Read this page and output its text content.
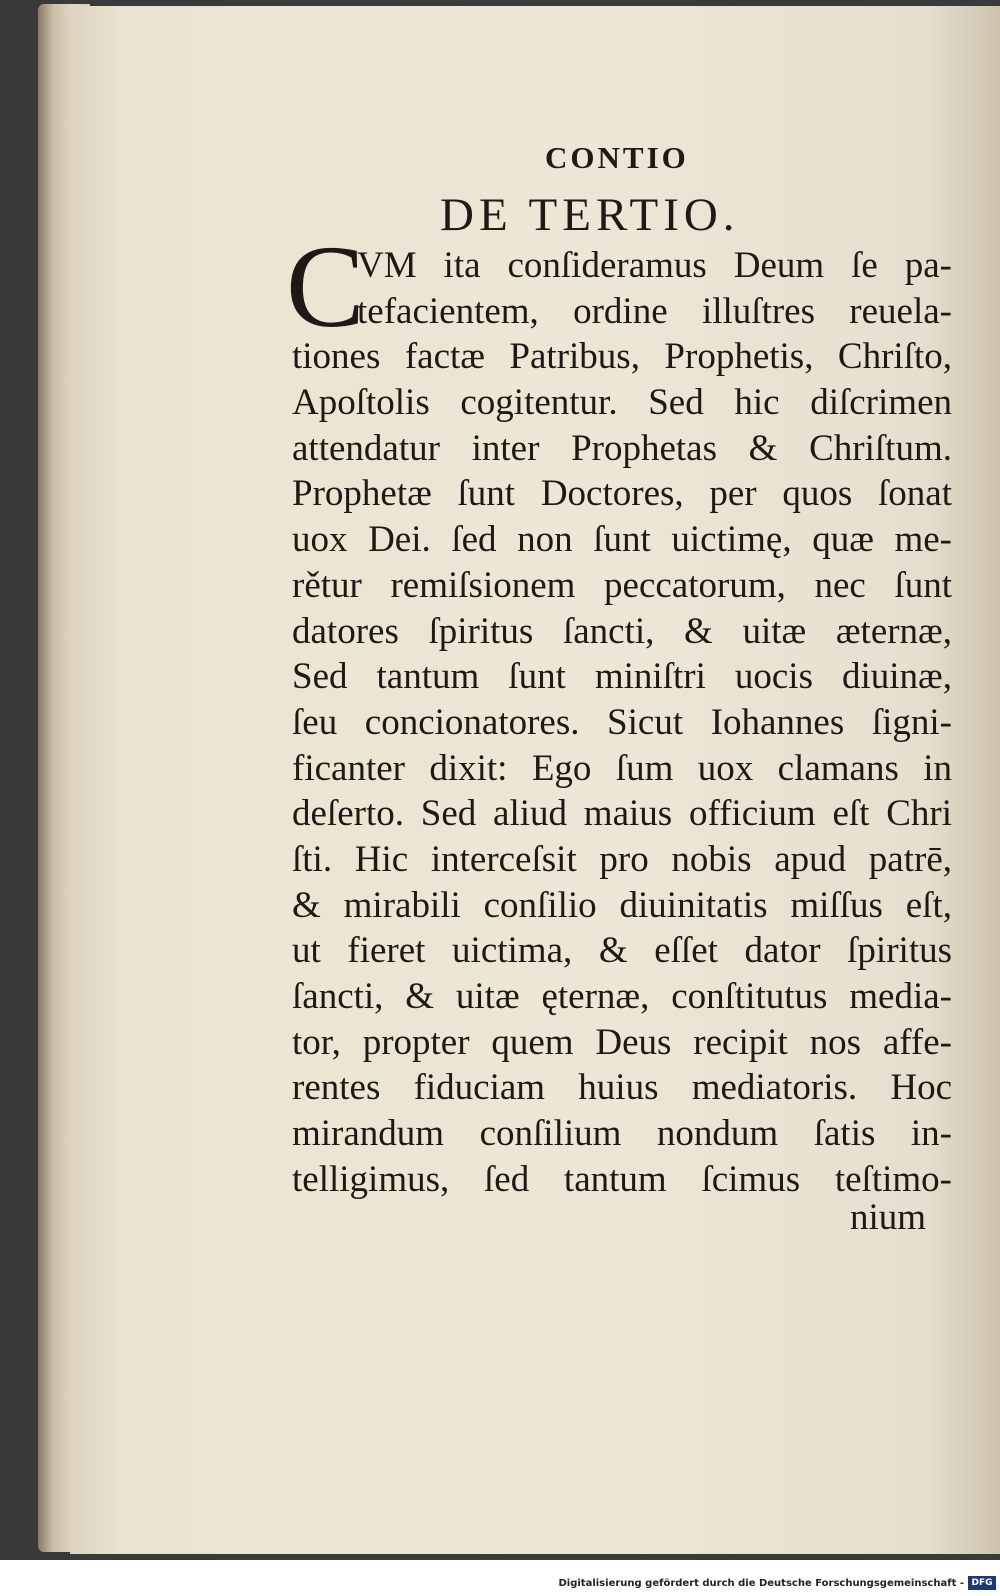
CONTIO
DE TERTIO.
C
VM ita conſideramus Deum ſe pa-
tefacientem, ordine illuſtres reuela-
tiones factæ Patribus, Prophetis, Chriſto,
Apoſtolis cogitentur. Sed hic diſcrimen
attendatur inter Prophetas & Chriſtum.
Prophetæ ſunt Doctores, per quos ſonat
uox Dei. ſed non ſunt uictimę, quæ me-
rětur remiſsionem peccatorum, nec ſunt
datores ſpiritus ſancti, & uitæ æternæ,
Sed tantum ſunt miniſtri uocis diuinæ,
ſeu concionatores. Sicut Iohannes ſigni-
ficanter dixit: Ego ſum uox clamans in
deſerto. Sed aliud maius officium eſt Chri
ſti. Hic interceſsit pro nobis apud patrē,
& mirabili conſilio diuinitatis miſſus eſt,
ut fieret uictima, & eſſet dator ſpiritus
ſancti, & uitæ ęternæ, conſtitutus media-
tor, propter quem Deus recipit nos affe-
rentes fiduciam huius mediatoris. Hoc
mirandum conſilium nondum ſatis in-
telligimus, ſed tantum ſcimus teſtimo-
nium
Digitalisierung gefördert durch die Deutsche Forschungsgemeinschaft - DFG
